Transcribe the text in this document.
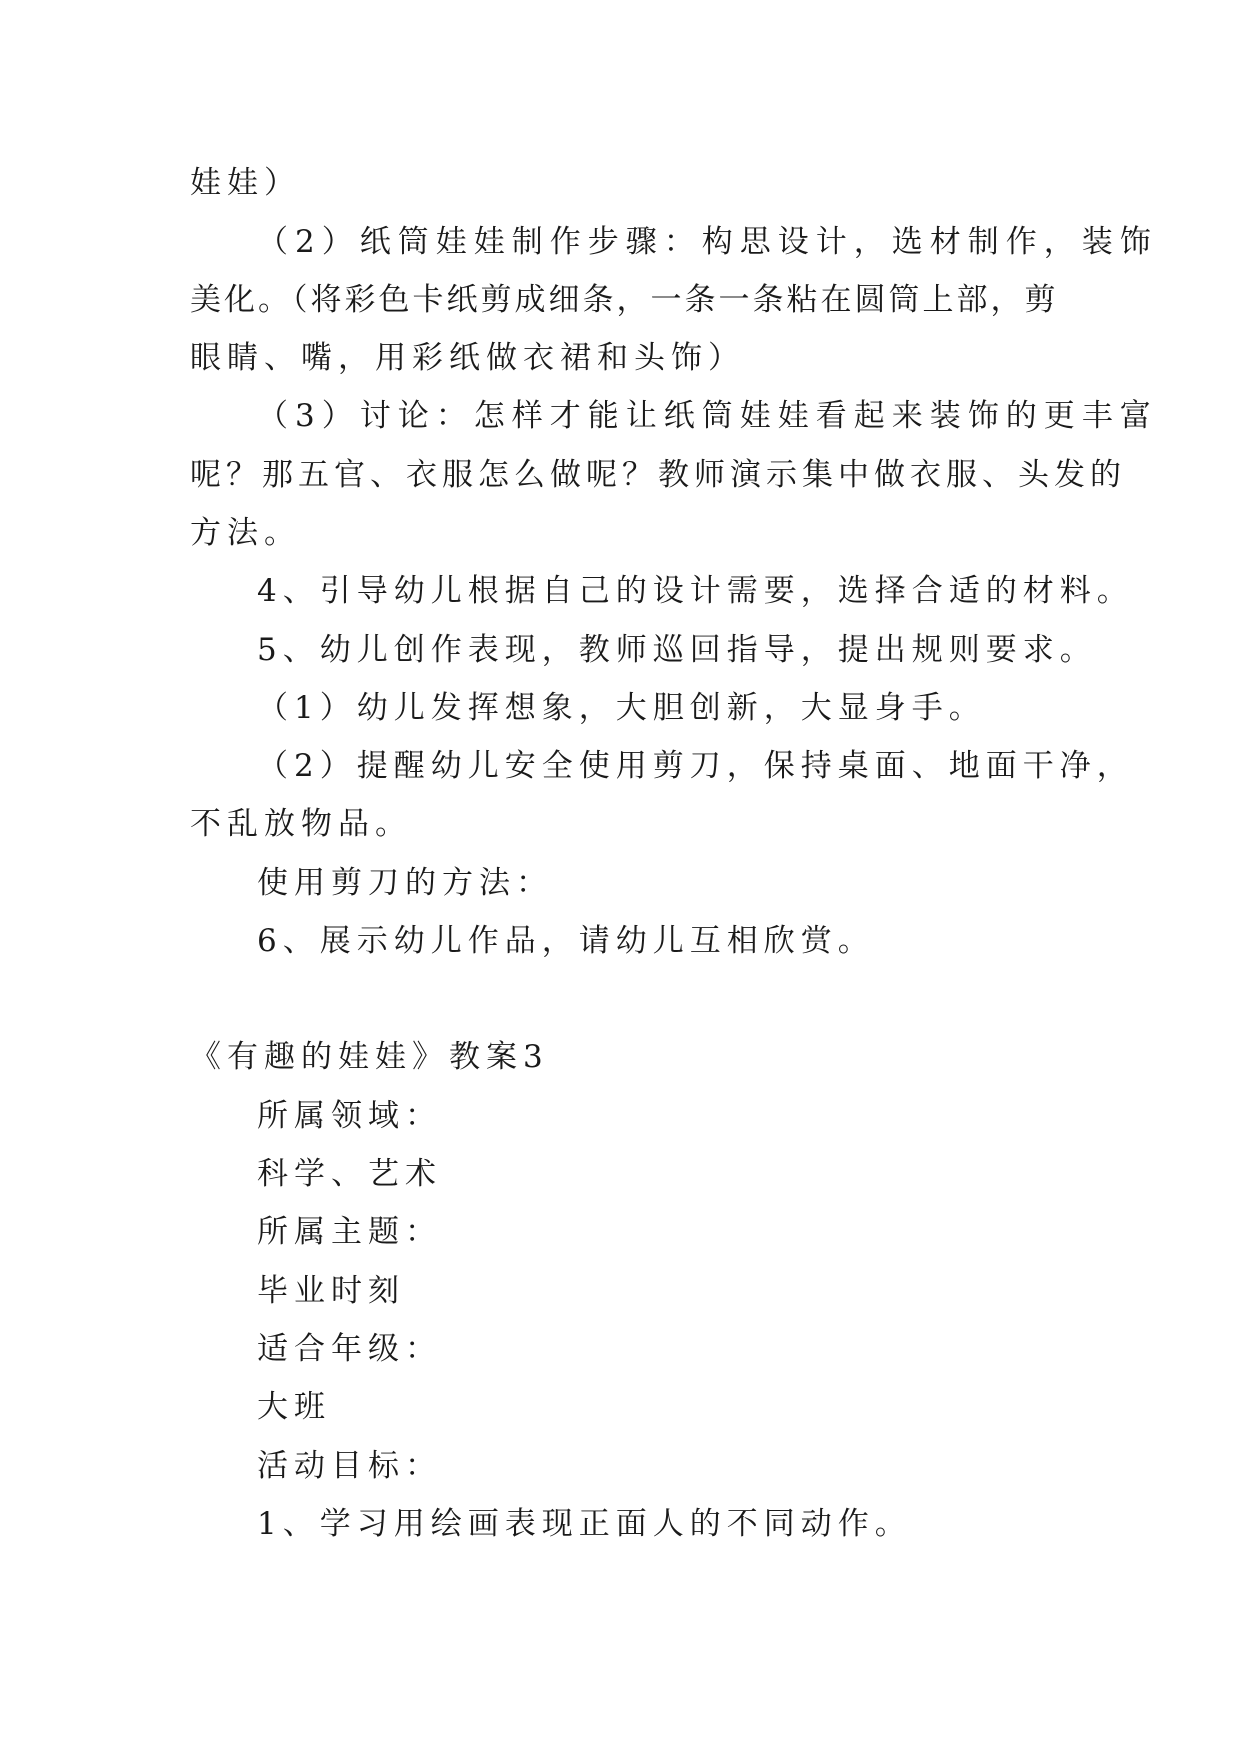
娃娃）
（2）纸筒娃娃制作步骤：构思设计，选材制作，装饰
美化。（将彩色卡纸剪成细条，一条一条粘在圆筒上部，剪
眼睛、嘴，用彩纸做衣裙和头饰）
（3）讨论：怎样才能让纸筒娃娃看起来装饰的更丰富
呢？那五官、衣服怎么做呢？教师演示集中做衣服、头发的
方法。
4、引导幼儿根据自己的设计需要，选择合适的材料。
5、幼儿创作表现，教师巡回指导，提出规则要求。
（1）幼儿发挥想象，大胆创新，大显身手。
（2）提醒幼儿安全使用剪刀，保持桌面、地面干净，
不乱放物品。
使用剪刀的方法：
6、展示幼儿作品，请幼儿互相欣赏。
《有趣的娃娃》教案3
所属领域：
科学、艺术
所属主题：
毕业时刻
适合年级：
大班
活动目标：
1、学习用绘画表现正面人的不同动作。
